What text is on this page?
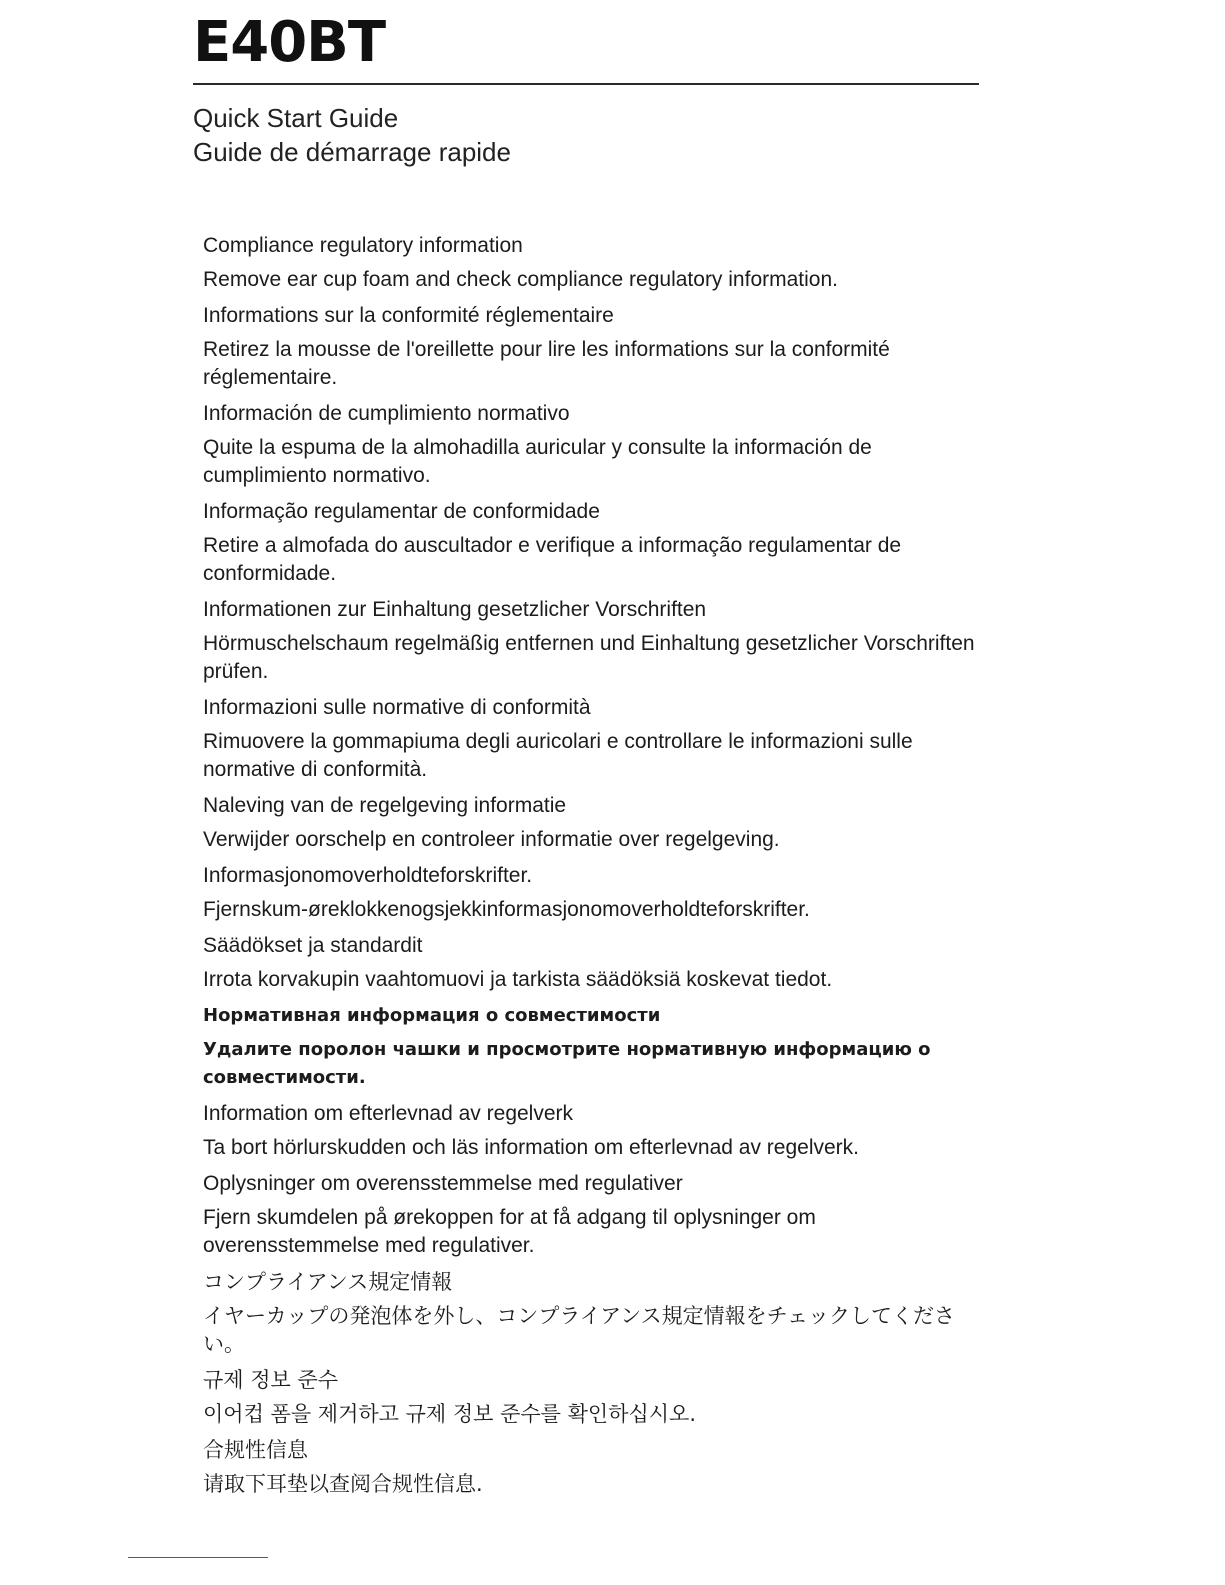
E40BT
Quick Start Guide
Guide de démarrage rapide

Compliance regulatory information

Remove ear cup foam and check compliance regulatory information.

Informations sur la conformité réglementaire

Retirez la mousse de l'oreillette pour lire les informations sur la conformité réglementaire.

Información de cumplimiento normativo

Quite la espuma de la almohadilla auricular y consulte la información de cumplimiento normativo.

Informação regulamentar de conformidade

Retire a almofada do auscultador e verifique a informação regulamentar de conformidade.

Informationen zur Einhaltung gesetzlicher Vorschriften

Hörmuschelschaum regelmäßig entfernen und Einhaltung gesetzlicher Vorschriften prüfen.

Informazioni sulle normative di conformità

Rimuovere la gommapiuma degli auricolari e controllare le informazioni sulle normative di conformità.

Naleving van de regelgeving informatie

Verwijder oorschelp en controleer informatie over regelgeving.

Informasjonomoverholdteforskrifter.

Fjernskum-øreklokkenogsjekkinformasjonomoverholdteforskrifter.

Säädökset ja standardit

Irrota korvakupin vaahtomuovi ja tarkista säädöksiä koskevat tiedot.

Нормативная информация о совместимости

Удалите поролон чашки и просмотрите нормативную информацию о совместимости.

Information om efterlevnad av regelverk

Ta bort hörlurskudden och läs information om efterlevnad av regelverk.

Oplysninger om overensstemmelse med regulativer

Fjern skumdelen på ørekoppen for at få adgang til oplysninger om overensstemmelse med regulativer.

コンプライアンス規定情報

イヤーカップの発泡体を外し、コンプライアンス規定情報をチェックしてください。

규제 정보 준수

이어컵 폼을 제거하고 규제 정보 준수를 확인하십시오.

合规性信息

请取下耳垫以查阅合规性信息.
